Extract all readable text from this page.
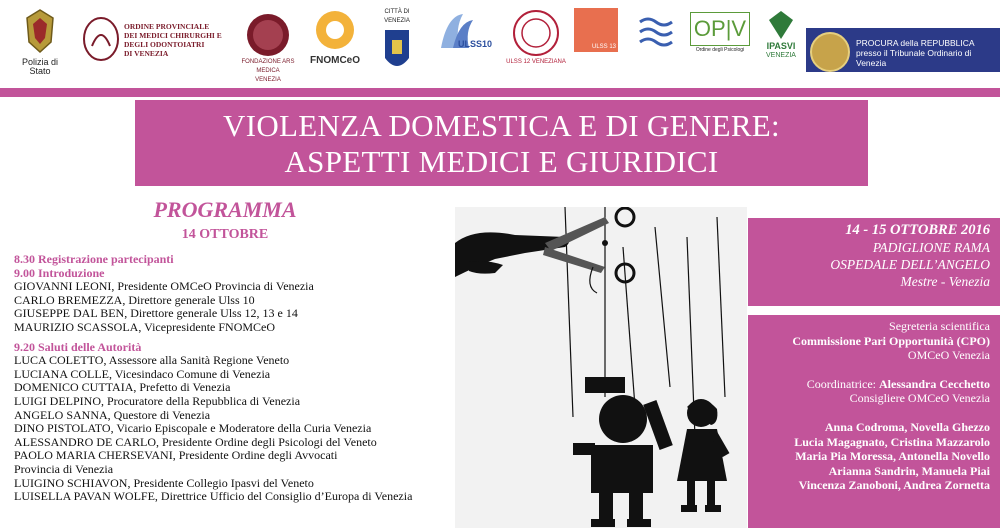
Polizia di Stato
ORDINE PROVINCIALE
DEI MEDICI CHIRURGHI E
DEGLI ODONTOIATRI
DI VENEZIA
FONDAZIONE ARS MEDICA
VENEZIA
FNOMCeO
CITTÀ DI VENEZIA
ULSS10
ULSS 12 VENEZIANA
ULSS 13
OP|V
Ordine degli Psicologi	IPASVI
VENEZIA
PROCURA della REPUBBLICA
presso il Tribunale Ordinario di Venezia
VIOLENZA DOMESTICA E DI GENERE:
ASPETTI MEDICI E GIURIDICI
PROGRAMMA
14 OTTOBRE
8.30 Registrazione partecipanti
9.00 Introduzione
GIOVANNI LEONI, Presidente OMCeO Provincia di Venezia
CARLO BREMEZZA, Direttore generale Ulss 10
GIUSEPPE DAL BEN, Direttore generale Ulss 12, 13 e 14
MAURIZIO SCASSOLA, Vicepresidente FNOMCeO
9.20 Saluti delle Autorità
LUCA COLETTO, Assessore alla Sanità Regione Veneto
LUCIANA COLLE, Vicesindaco Comune di Venezia
DOMENICO CUTTAIA, Prefetto di Venezia
LUIGI DELPINO, Procuratore della Repubblica di Venezia
ANGELO SANNA, Questore di Venezia
DINO PISTOLATO, Vicario Episcopale e Moderatore della Curia Venezia
ALESSANDRO DE CARLO, Presidente Ordine degli Psicologi del Veneto
PAOLO MARIA CHERSEVANI, Presidente Ordine degli Avvocati
Provincia di Venezia
LUIGINO SCHIAVON, Presidente Collegio Ipasvi del Veneto
LUISELLA PAVAN WOLFE, Direttrice Ufficio del Consiglio d’Europa di Venezia
14 - 15 OTTOBRE 2016
PADIGLIONE RAMA
OSPEDALE DELL’ANGELO
Mestre - Venezia
Segreteria scientifica
Commissione Pari Opportunità (CPO)
OMCeO Venezia
Coordinatrice: Alessandra Cecchetto
Consigliere OMCeO Venezia
Anna Codroma, Novella Ghezzo
Lucia Magagnato, Cristina Mazzarolo
Maria Pia Moressa, Antonella Novello
Arianna Sandrin, Manuela Piai
Vincenza Zanoboni, Andrea Zornetta
